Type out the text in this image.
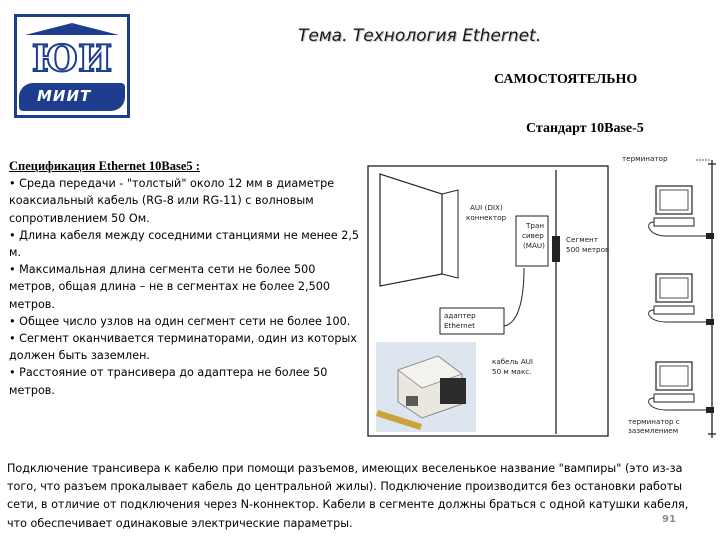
ЮИ
МИИТ
Тема. Технология Ethernet.
САМОСТОЯТЕЛЬНО
Стандарт 10Base-5
Спецификация Ethernet 10Base5 :

• Среда передачи - "толстый" около 12 мм в диаметре коаксиальный кабель (RG-8 или RG-11) с волновым сопротивлением 50 Ом.

• Длина кабеля между соседними станциями не менее 2,5 м.

• Максимальная длина сегмента сети не более 500 метров, общая длина – не в сегментах не более 2,500 метров.

• Общее число узлов на один сегмент сети не более 100.

• Сегмент оканчивается терминаторами, один из которых должен быть заземлен.

• Расстояние от трансивера до адаптера не более 50 метров.

терминатор
терминатор с
заземлением
Тран
сивер
(MAU)
AUI (DIX)
коннектор
Сегмент
500 метров
адаптер
Ethernet
кабель AUI
50 м макс.
Подключение трансивера к кабелю при помощи разъемов, имеющих веселенькое название "вампиры" (это из-за того, что разъем прокалывает кабель до центральной жилы). Подключение производится без остановки работы сети, в отличие от подключения через N-коннектор. Кабели в сегменте должны браться с одной катушки кабеля, что обеспечивает одинаковые электрические параметры.	91
